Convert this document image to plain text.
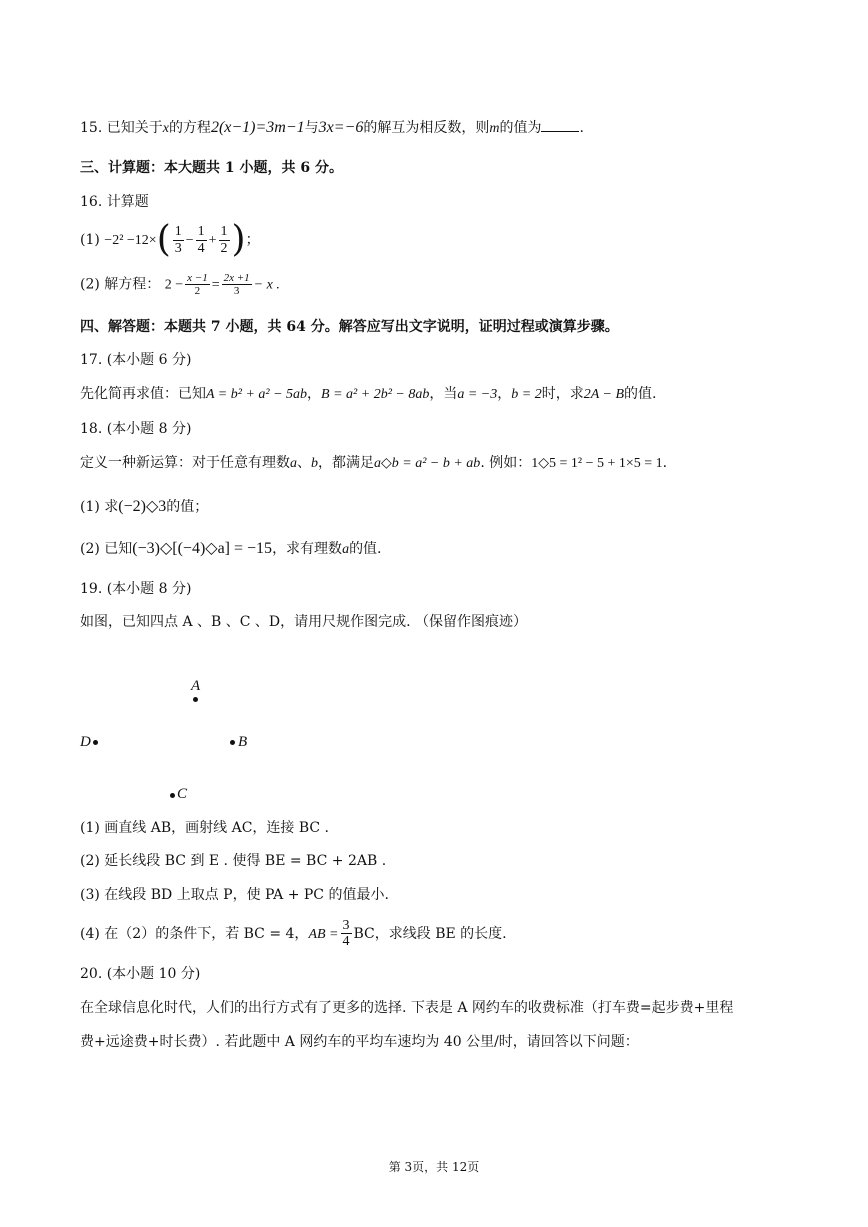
15. 已知关于x的方程2(x−1)=3m−1与3x=−6的解互为相反数，则m的值为	.
三、计算题：本大题共 1 小题，共 6 分。
16. 计算题
$(1) -2^2 -12\times( \frac{1}{3} - \frac{1}{4} + \frac{1}{2}$ )；
(2) 解方程： $2 - \frac{x -1}{2} = \frac{2x +1}{3} - x$ .
四、解答题：本题共 7 小题，共 64 分。解答应写出文字说明，证明过程或演算步骤。
17. (本小题 6 分)
先化简再求值：已知A = b² + a² − 5ab，B = a² + 2b² − 8ab，当a = −3，b = 2时，求2A − B的值.
18. (本小题 8 分)
定义一种新运算：对于任意有理数a、b，都满足a◇b = a² − b + ab. 例如：1◇5 = 1² − 5 + 1×5 = 1.
(1) 求(−2)◇3的值；
(2) 已知(−3)◇[(−4)◇a] = −15，求有理数a的值.
19. (本小题 8 分)
如图，已知四点 A 、B 、C 、D，请用尺规作图完成. （保留作图痕迹）
A
D	B
C
(1) 画直线 AB，画射线 AC，连接 BC .
(2) 延长线段 BC 到 E . 使得 BE = BC + 2AB .
(3) 在线段 BD 上取点 P，使 PA + PC 的值最小.
(4) 在（2）的条件下，若 BC = 4，AB = $\frac{3}{4}$ BC，求线段 BE 的长度.
20. (本小题 10 分)
在全球信息化时代，人们的出行方式有了更多的选择. 下表是 A 网约车的收费标准（打车费=起步费+里程
费+远途费+时长费）. 若此题中 A 网约车的平均车速均为 40 公里/时，请回答以下问题：
第 3页，共 12页
